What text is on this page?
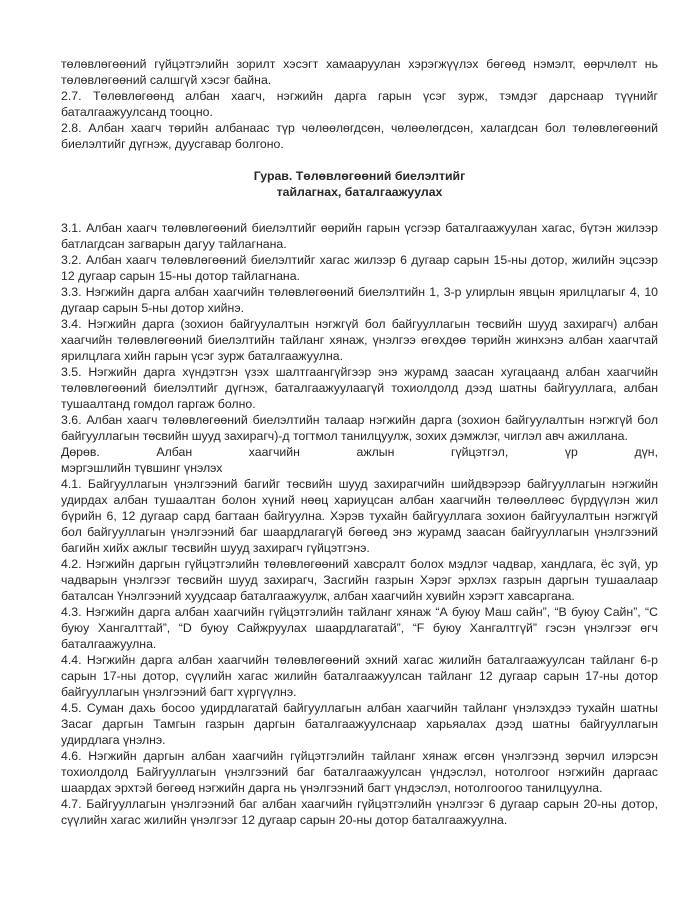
төлөвлөгөөний гүйцэтгэлийн зорилт хэсэгт хамааруулан хэрэгжүүлэх бөгөөд нэмэлт, өөрчлөлт нь төлөвлөгөөний салшгүй хэсэг байна.

2.7. Төлөвлөгөөнд албан хаагч, нэгжийн дарга гарын үсэг зурж, тэмдэг дарснаар түүнийг баталгаажуулсанд тооцно.

2.8. Албан хаагч төрийн албанаас түр чөлөөлөгдсөн, чөлөөлөгдсөн, халагдсан бол төлөвлөгөөний биелэлтийг дүгнэж, дуусгавар болгоно.

Гурав. Төлөвлөгөөний биелэлтийг
тайлагнах, баталгаажуулах

3.1. Албан хаагч төлөвлөгөөний биелэлтийг өөрийн гарын үсгээр баталгаажуулан хагас, бүтэн жилээр батлагдсан загварын дагуу тайлагнана.

3.2. Албан хаагч төлөвлөгөөний биелэлтийг хагас жилээр 6 дугаар сарын 15-ны дотор, жилийн эцсээр 12 дугаар сарын 15-ны дотор тайлагнана.

3.3. Нэгжийн дарга албан хаагчийн төлөвлөгөөний биелэлтийн 1, 3-р улирлын явцын ярилцлагыг 4, 10 дугаар сарын 5-ны дотор хийнэ.

3.4. Нэгжийн дарга (зохион байгуулалтын нэгжгүй бол байгууллагын төсвийн шууд захирагч) албан хаагчийн төлөвлөгөөний биелэлтийн тайланг хянаж, үнэлгээ өгөхдөө төрийн жинхэнэ албан хаагчтай ярилцлага хийн гарын үсэг зурж баталгаажуулна.

3.5. Нэгжийн дарга хүндэтгэн үзэх шалтгаангүйгээр энэ журамд заасан хугацаанд албан хаагчийн төлөвлөгөөний биелэлтийг дүгнэж, баталгаажуулаагүй тохиолдолд дээд шатны байгууллага, албан тушаалтанд гомдол гаргаж болно.

3.6. Албан хаагч төлөвлөгөөний биелэлтийн талаар нэгжийн дарга (зохион байгуулалтын нэгжгүй бол байгууллагын төсвийн шууд захирагч)-д тогтмол танилцуулж, зохих дэмжлэг, чиглэл авч ажиллана.

Дөрөв. Албан хаагчийн ажлын гүйцэтгэл, үр дүн,

мэргэшлийн түвшинг үнэлэх

4.1. Байгууллагын үнэлгээний багийг төсвийн шууд захирагчийн шийдвэрээр байгууллагын нэгжийн удирдах албан тушаалтан болон хүний нөөц хариуцсан албан хаагчийн төлөөллөөс бүрдүүлэн жил бүрийн 6, 12 дугаар сард багтаан байгуулна. Хэрэв тухайн байгууллага зохион байгуулалтын нэгжгүй бол байгууллагын үнэлгээний баг шаардлагагүй бөгөөд энэ журамд заасан байгууллагын үнэлгээний багийн хийх ажлыг төсвийн шууд захирагч гүйцэтгэнэ.

4.2. Нэгжийн даргын гүйцэтгэлийн төлөвлөгөөний хавсралт болох мэдлэг чадвар, хандлага, ёс зүй, ур чадварын үнэлгээг төсвийн шууд захирагч, Засгийн газрын Хэрэг эрхлэх газрын даргын тушаалаар баталсан Үнэлгээний хуудсаар баталгаажуулж, албан хаагчийн хувийн хэрэгт хавсаргана.

4.3. Нэгжийн дарга албан хаагчийн гүйцэтгэлийн тайланг хянаж “А буюу Маш сайн”, “В буюу Сайн”, “С буюу Хангалттай”, “D буюу Сайжруулах шаардлагатай”, “F буюу Хангалтгүй” гэсэн үнэлгээг өгч баталгаажуулна.

4.4. Нэгжийн дарга албан хаагчийн төлөвлөгөөний эхний хагас жилийн баталгаажуулсан тайланг 6-р сарын 17-ны дотор, сүүлийн хагас жилийн баталгаажуулсан тайланг 12 дугаар сарын 17-ны дотор байгууллагын үнэлгээний багт хүргүүлнэ.

4.5. Суман дахь босоо удирдлагатай байгууллагын албан хаагчийн тайланг үнэлэхдээ тухайн шатны Засаг даргын Тамгын газрын даргын баталгаажуулснаар харьяалах дээд шатны байгууллагын удирдлага үнэлнэ.

4.6. Нэгжийн даргын албан хаагчийн гүйцэтгэлийн тайланг хянаж өгсөн үнэлгээнд зөрчил илэрсэн тохиолдолд Байгууллагын үнэлгээний баг баталгаажуулсан үндэслэл, нотолгоог нэгжийн даргаас шаардах эрхтэй бөгөөд нэгжийн дарга нь үнэлгээний багт үндэслэл, нотолгоогоо танилцуулна.

4.7. Байгууллагын үнэлгээний баг албан хаагчийн гүйцэтгэлийн үнэлгээг 6 дугаар сарын 20-ны дотор, сүүлийн хагас жилийн үнэлгээг 12 дугаар сарын 20-ны дотор баталгаажуулна.
